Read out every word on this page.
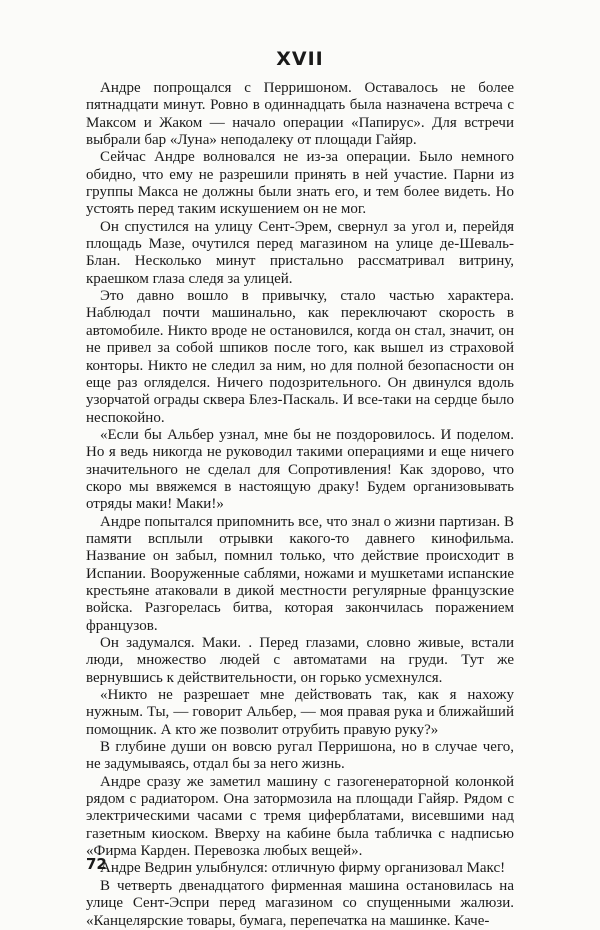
XVII

Андре попрощался с Перришоном. Оставалось не более пятнадцати минут. Ровно в одиннадцать была назначена встреча с Максом и Жаком — начало операции «Папирус». Для встречи выбрали бар «Луна» неподалеку от площади Гайяр.

Сейчас Андре волновался не из-за операции. Было немного обидно, что ему не разрешили принять в ней участие. Парни из группы Макса не должны были знать его, и тем более видеть. Но устоять перед таким искушением он не мог.

Он спустился на улицу Сент-Эрем, свернул за угол и, перейдя площадь Мазе, очутился перед магазином на улице де-Шеваль-Блан. Несколько минут пристально рассматривал витрину, краешком глаза следя за улицей.

Это давно вошло в привычку, стало частью характера. Наблюдал почти машинально, как переключают скорость в автомобиле. Никто вроде не остановился, когда он стал, значит, он не привел за собой шпиков после того, как вышел из страховой конторы. Никто не следил за ним, но для полной безопасности он еще раз огляделся. Ничего подозрительного. Он двинулся вдоль узорчатой ограды сквера Блез-Паскаль. И все-таки на сердце было неспокойно.

«Если бы Альбер узнал, мне бы не поздоровилось. И поделом. Но я ведь никогда не руководил такими операциями и еще ничего значительного не сделал для Сопротивления! Как здорово, что скоро мы ввяжемся в настоящую драку! Будем организовывать отряды маки! Маки!»

Андре попытался припомнить все, что знал о жизни партизан. В памяти всплыли отрывки какого-то давнего кинофильма. Название он забыл, помнил только, что действие происходит в Испании. Вооруженные саблями, ножами и мушкетами испанские крестьяне атаковали в дикой местности регулярные французские войска. Разгорелась битва, которая закончилась поражением французов.

Он задумался. Маки. . Перед глазами, словно живые, встали люди, множество людей с автоматами на груди. Тут же вернувшись к действительности, он горько усмехнулся.

«Никто не разрешает мне действовать так, как я нахожу нужным. Ты, — говорит Альбер, — моя правая рука и ближайший помощник. А кто же позволит отрубить правую руку?»

В глубине души он вовсю ругал Перришона, но в случае чего, не задумываясь, отдал бы за него жизнь.

Андре сразу же заметил машину с газогенераторной колонкой рядом с радиатором. Она затормозила на площади Гайяр. Рядом с электрическими часами с тремя циферблатами, висевшими над газетным киоском. Вверху на кабине была табличка с надписью «Фирма Карден. Перевозка любых вещей».

Андре Ведрин улыбнулся: отличную фирму организовал Макс!

В четверть двенадцатого фирменная машина остановилась на улице Сент-Эспри перед магазином со спущенными жалюзи. «Канцелярские товары, бумага, перепечатка на машинке. Каче-

72
